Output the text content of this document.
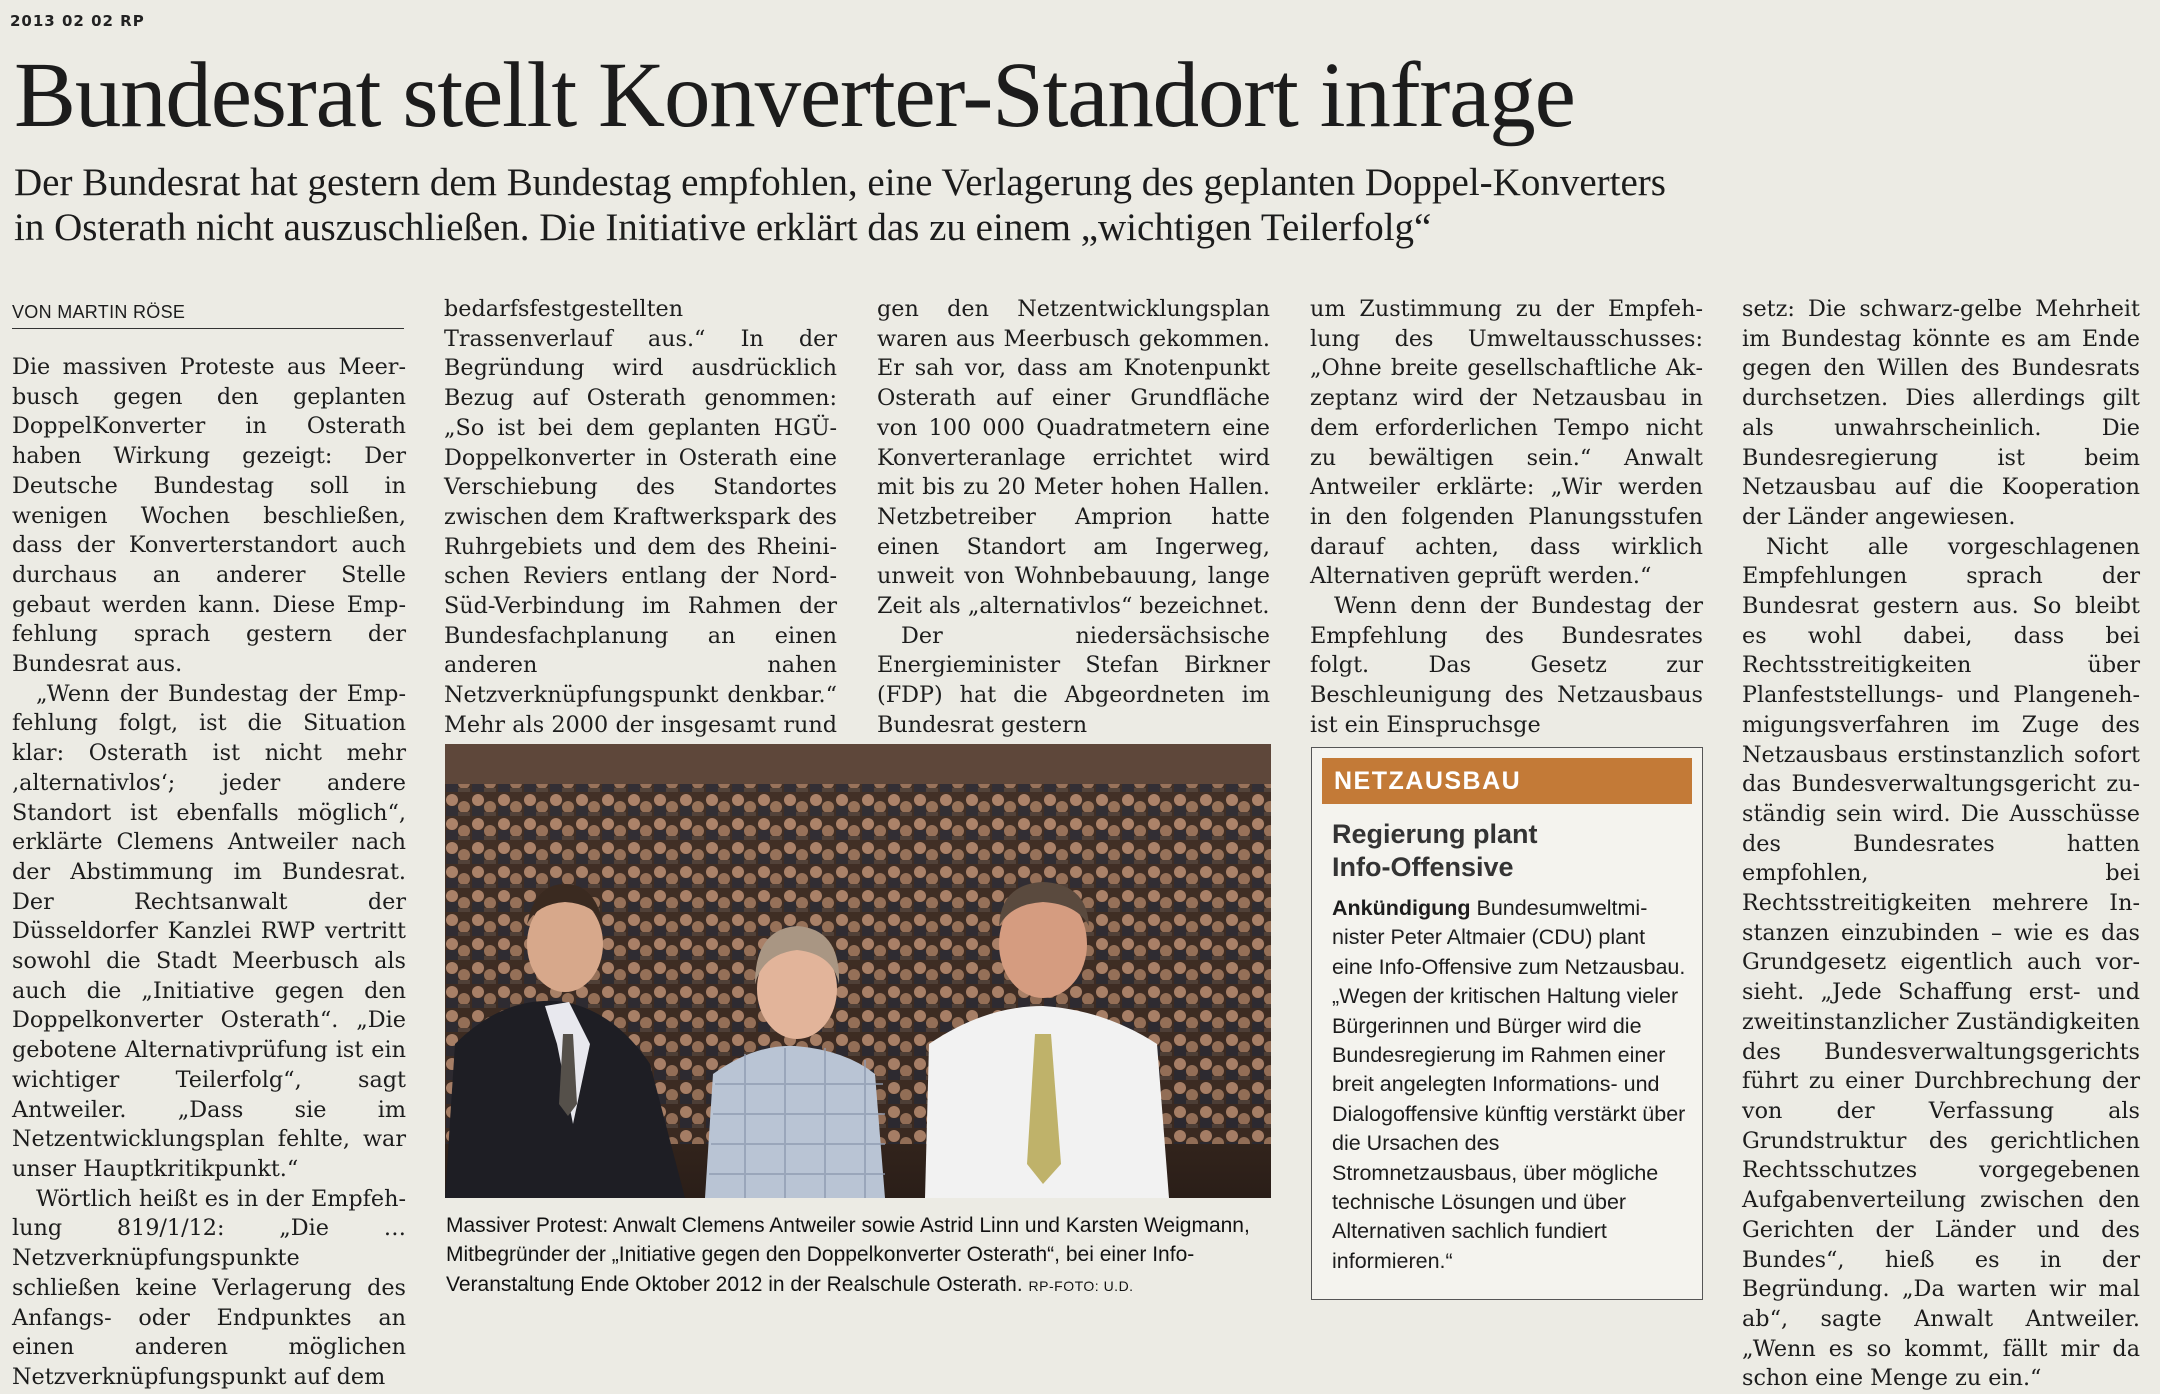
2013 02 02 RP
Bundesrat stellt Konverter-Standort infrage
Der Bundesrat hat gestern dem Bundestag empfohlen, eine Verlagerung des geplanten Doppel-Konverters
in Osterath nicht auszuschließen. Die Initiative erklärt das zu einem „wichtigen Teilerfolg“
VON MARTIN RÖSE

Die massiven Proteste aus Meerbusch gegen den geplanten DoppelKonverter in Osterath haben Wirkung gezeigt: Der Deutsche Bundestag soll in wenigen Wochen beschließen, dass der Konverterstandort auch durchaus an anderer Stelle gebaut werden kann. Diese Empfehlung sprach gestern der Bundesrat aus.

„Wenn der Bundestag der Empfehlung folgt, ist die Situation klar: Osterath ist nicht mehr ‚alternativlos‘; jeder andere Standort ist ebenfalls möglich“, erklärte Clemens Antweiler nach der Abstimmung im Bundesrat. Der Rechtsanwalt der Düsseldorfer Kanzlei RWP vertritt sowohl die Stadt Meerbusch als auch die „Initiative gegen den Doppelkonverter Osterath“. „Die gebotene Alternativprüfung ist ein wichtiger Teilerfolg“, sagt Antweiler. „Dass sie im Netzentwicklungsplan fehlte, war unser Hauptkritikpunkt.“

Wörtlich heißt es in der Empfehlung 819/1/12: „Die … Netzverknüpfungspunkte schließen keine Verlagerung des Anfangs- oder Endpunktes an einen anderen möglichen Netzverknüpfungspunkt auf dem

bedarfsfestgestellten Trassenverlauf aus.“ In der Begründung wird ausdrücklich Bezug auf Osterath genommen: „So ist bei dem geplanten HGÜ-Doppelkonverter in Osterath eine Verschiebung des Standortes zwischen dem Kraftwerkspark des Ruhrgebiets und dem des Rheinischen Reviers entlang der Nord-Süd-Verbindung im Rahmen der Bundesfachplanung an einen anderen nahen Netzverknüpfungspunkt denkbar.“ Mehr als 2000 der insgesamt rund

gen den Netzentwicklungsplan waren aus Meerbusch gekommen. Er sah vor, dass am Knotenpunkt Osterath auf einer Grundfläche von 100 000 Quadratmetern eine Konverteranlage errichtet wird mit bis zu 20 Meter hohen Hallen. Netzbetreiber Amprion hatte einen Standort am Ingerweg, unweit von Wohnbebauung, lange Zeit als „alternativlos“ bezeichnet.

Der niedersächsische Energieminister Stefan Birkner (FDP) hat die Abgeordneten im Bundesrat gestern

um Zustimmung zu der Empfehlung des Umweltausschusses: „Ohne breite gesellschaftliche Akzeptanz wird der Netzausbau in dem erforderlichen Tempo nicht zu bewältigen sein.“ Anwalt Antweiler erklärte: „Wir werden in den folgenden Planungsstufen darauf achten, dass wirklich Alternativen geprüft werden.“

Wenn denn der Bundestag der Empfehlung des Bundesrates folgt. Das Gesetz zur Beschleunigung des Netzausbaus ist ein Einspruchsge

setz: Die schwarz-gelbe Mehrheit im Bundestag könnte es am Ende gegen den Willen des Bundesrats durchsetzen. Dies allerdings gilt als unwahrscheinlich. Die Bundesregierung ist beim Netzausbau auf die Kooperation der Länder angewiesen.

Nicht alle vorgeschlagenen Empfehlungen sprach der Bundesrat gestern aus. So bleibt es wohl dabei, dass bei Rechtsstreitigkeiten über Planfeststellungs- und Plangenehmigungsverfahren im Zuge des Netzausbaus erstinstanzlich sofort das Bundesverwaltungsgericht zuständig sein wird. Die Ausschüsse des Bundesrates hatten empfohlen, bei Rechtsstreitigkeiten mehrere Instanzen einzubinden – wie es das Grundgesetz eigentlich auch vorsieht. „Jede Schaffung erst- und zweitinstanzlicher Zuständigkeiten des Bundesverwaltungsgerichts führt zu einer Durchbrechung der von der Verfassung als Grundstruktur des gerichtlichen Rechtsschutzes vorgegebenen Aufgabenverteilung zwischen den Gerichten der Länder und des Bundes“, hieß es in der Begründung. „Da warten wir mal ab“, sagte Anwalt Antweiler. „Wenn es so kommt, fällt mir da schon eine Menge zu ein.“

Massiver Protest: Anwalt Clemens Antweiler sowie Astrid Linn und Karsten Weigmann, Mitbegründer der „Initiative gegen den Doppelkonverter Osterath“, bei einer Info-Veranstaltung Ende Oktober 2012 in der Realschule Osterath. RP-FOTO: U.D.
NETZAUSBAU
Regierung plant Info-Offensive
Ankündigung Bundesumweltminister Peter Altmaier (CDU) plant eine Info-Offensive zum Netzausbau. „Wegen der kritischen Haltung vieler Bürgerinnen und Bürger wird die Bundesregierung im Rahmen einer breit angelegten Informations- und Dialogoffensive künftig verstärkt über die Ursachen des Stromnetzausbaus, über mögliche technische Lösungen und über Alternativen sachlich fundiert informieren.“
